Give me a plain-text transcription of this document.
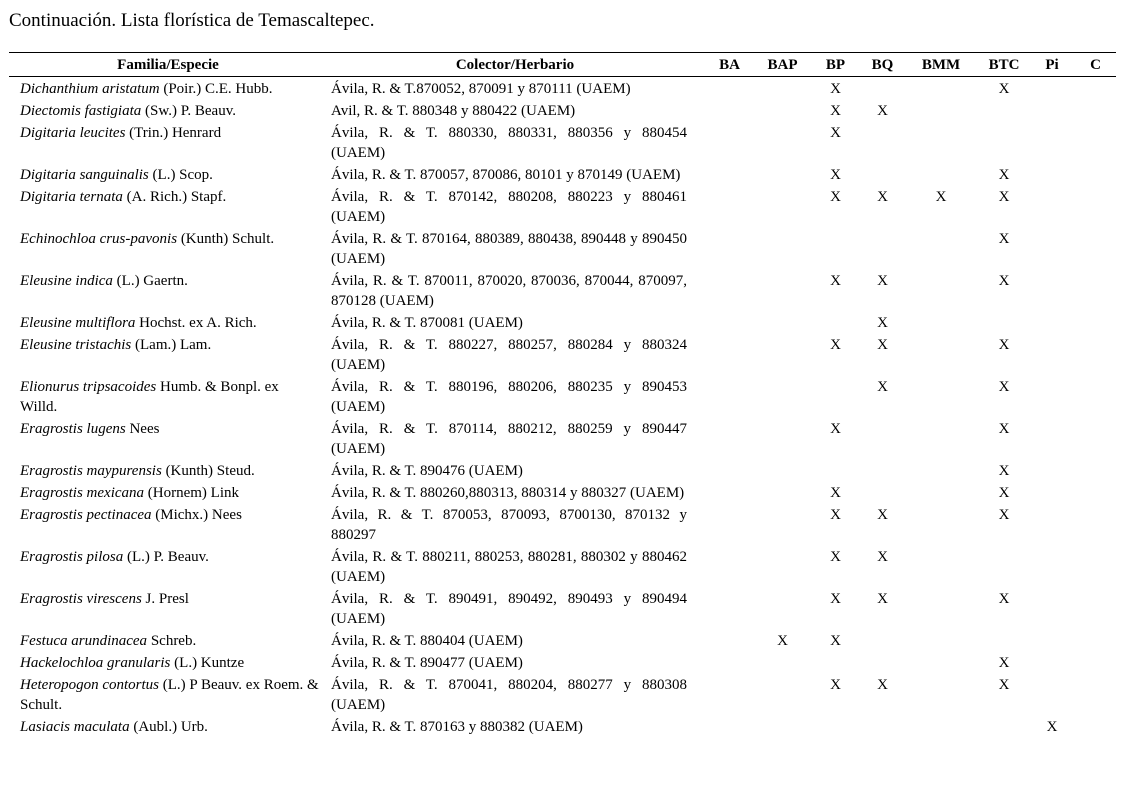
Continuación. Lista florística de Temascaltepec.
Familia/Especie	Colector/Herbario	BA	BAP	BP	BQ	BMM	BTC	Pi	C
Dichanthium aristatum (Poir.) C.E. Hubb.	Ávila, R. & T.870052, 870091 y 870111 (UAEM)			X			X		
Diectomis fastigiata (Sw.) P. Beauv.	Avil, R. & T. 880348 y 880422 (UAEM)			X	X				
Digitaria leucites (Trin.) Henrard	Ávila, R. & T. 880330, 880331, 880356 y 880454 (UAEM)			X					
Digitaria sanguinalis (L.) Scop.	Ávila, R. & T. 870057, 870086, 80101 y 870149 (UAEM)			X			X		
Digitaria ternata (A. Rich.) Stapf.	Ávila, R. & T. 870142, 880208, 880223 y 880461 (UAEM)			X	X	X	X		
Echinochloa crus-pavonis (Kunth) Schult.	Ávila, R. & T. 870164, 880389, 880438, 890448 y 890450 (UAEM)						X		
Eleusine indica (L.) Gaertn.	Ávila, R. & T. 870011, 870020, 870036, 870044, 870097, 870128 (UAEM)			X	X		X		
Eleusine multiflora Hochst. ex A. Rich.	Ávila, R. & T. 870081 (UAEM)				X				
Eleusine tristachis (Lam.) Lam.	Ávila, R. & T. 880227, 880257, 880284 y 880324 (UAEM)			X	X		X		
Elionurus tripsacoides Humb. & Bonpl. ex Willd.	Ávila, R. & T. 880196, 880206, 880235 y 890453 (UAEM)				X		X		
Eragrostis lugens Nees	Ávila, R. & T. 870114, 880212, 880259 y 890447 (UAEM)			X			X		
Eragrostis maypurensis (Kunth) Steud.	Ávila, R. & T. 890476 (UAEM)						X		
Eragrostis mexicana (Hornem) Link	Ávila, R. & T. 880260,880313, 880314 y 880327 (UAEM)			X			X		
Eragrostis pectinacea (Michx.) Nees	Ávila, R. & T. 870053, 870093, 8700130, 870132 y 880297			X	X		X		
Eragrostis pilosa (L.) P. Beauv.	Ávila, R. & T. 880211, 880253, 880281, 880302 y 880462 (UAEM)			X	X				
Eragrostis virescens J. Presl	Ávila, R. & T. 890491, 890492, 890493 y 890494 (UAEM)			X	X		X		
Festuca arundinacea Schreb.	Ávila, R. & T. 880404 (UAEM)		X	X					
Hackelochloa granularis (L.) Kuntze	Ávila, R. & T. 890477 (UAEM)						X		
Heteropogon contortus (L.) P Beauv. ex Roem. & Schult.	Ávila, R. & T. 870041, 880204, 880277 y 880308 (UAEM)			X	X		X		
Lasiacis maculata (Aubl.) Urb.	Ávila, R. & T. 870163 y 880382 (UAEM)							X	
